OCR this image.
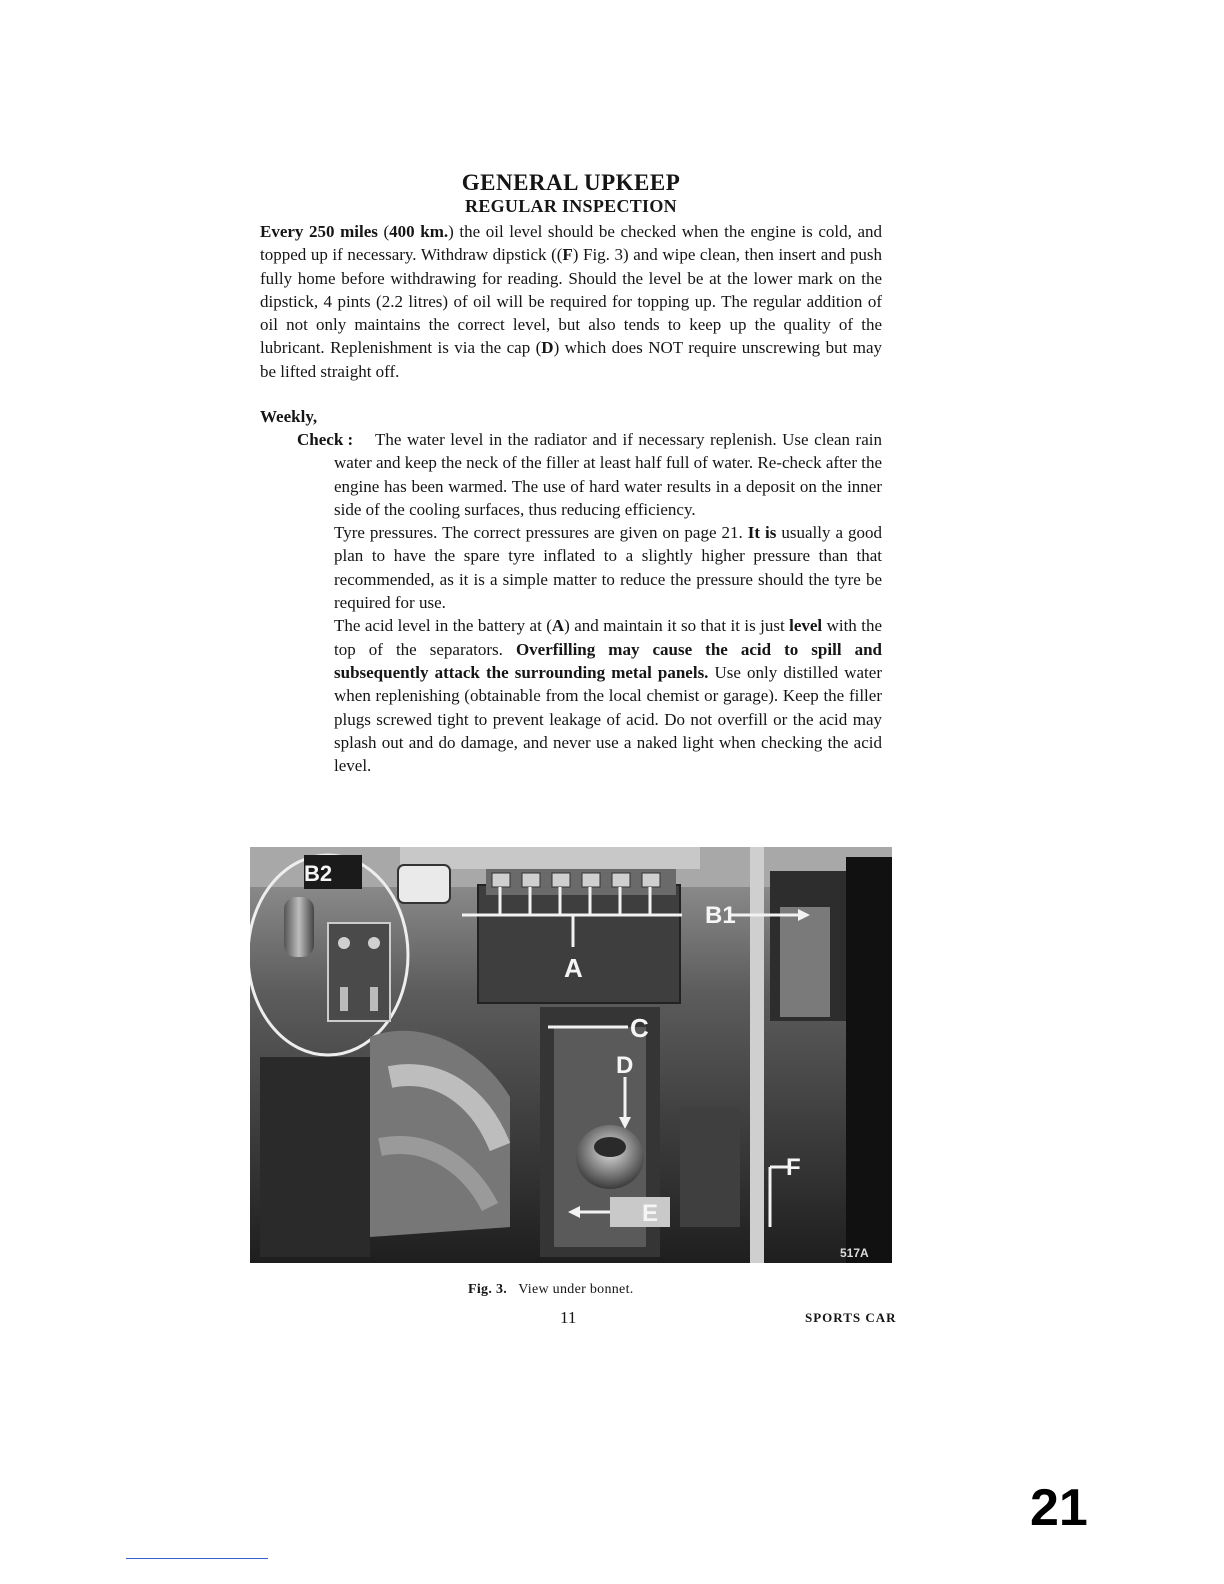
GENERAL UPKEEP
REGULAR INSPECTION

Every 250 miles (400 km.) the oil level should be checked when the engine is cold, and topped up if necessary. Withdraw dipstick ((F) Fig. 3) and wipe clean, then insert and push fully home before withdrawing for reading. Should the level be at the lower mark on the dipstick, 4 pints (2.2 litres) of oil will be required for topping up. The regular addition of oil not only maintains the correct level, but also tends to keep up the quality of the lubricant. Replenishment is via the cap (D) which does NOT require unscrewing but may be lifted straight off.

Weekly,
Check :	The water level in the radiator and if necessary replenish. Use clean rain water and keep the neck of the filler at least half full of water. Re-check after the engine has been warmed. The use of hard water results in a deposit on the inner side of the cooling surfaces, thus reducing efficiency.

Tyre pressures. The correct pressures are given on page 21. It is usually a good plan to have the spare tyre inflated to a slightly higher pressure than that recommended, as it is a simple matter to reduce the pressure should the tyre be required for use.

The acid level in the battery at (A) and maintain it so that it is just level with the top of the separators. Overfilling may cause the acid to spill and subsequently attack the surrounding metal panels. Use only distilled water when replenishing (obtainable from the local chemist or garage). Keep the filler plugs screwed tight to prevent leakage of acid. Do not overfill or the acid may splash out and do damage, and never use a naked light when checking the acid level.

B2
B1
A
C
D
E
F
517A
Fig. 3. View under bonnet.
11	SPORTS CAR
21
